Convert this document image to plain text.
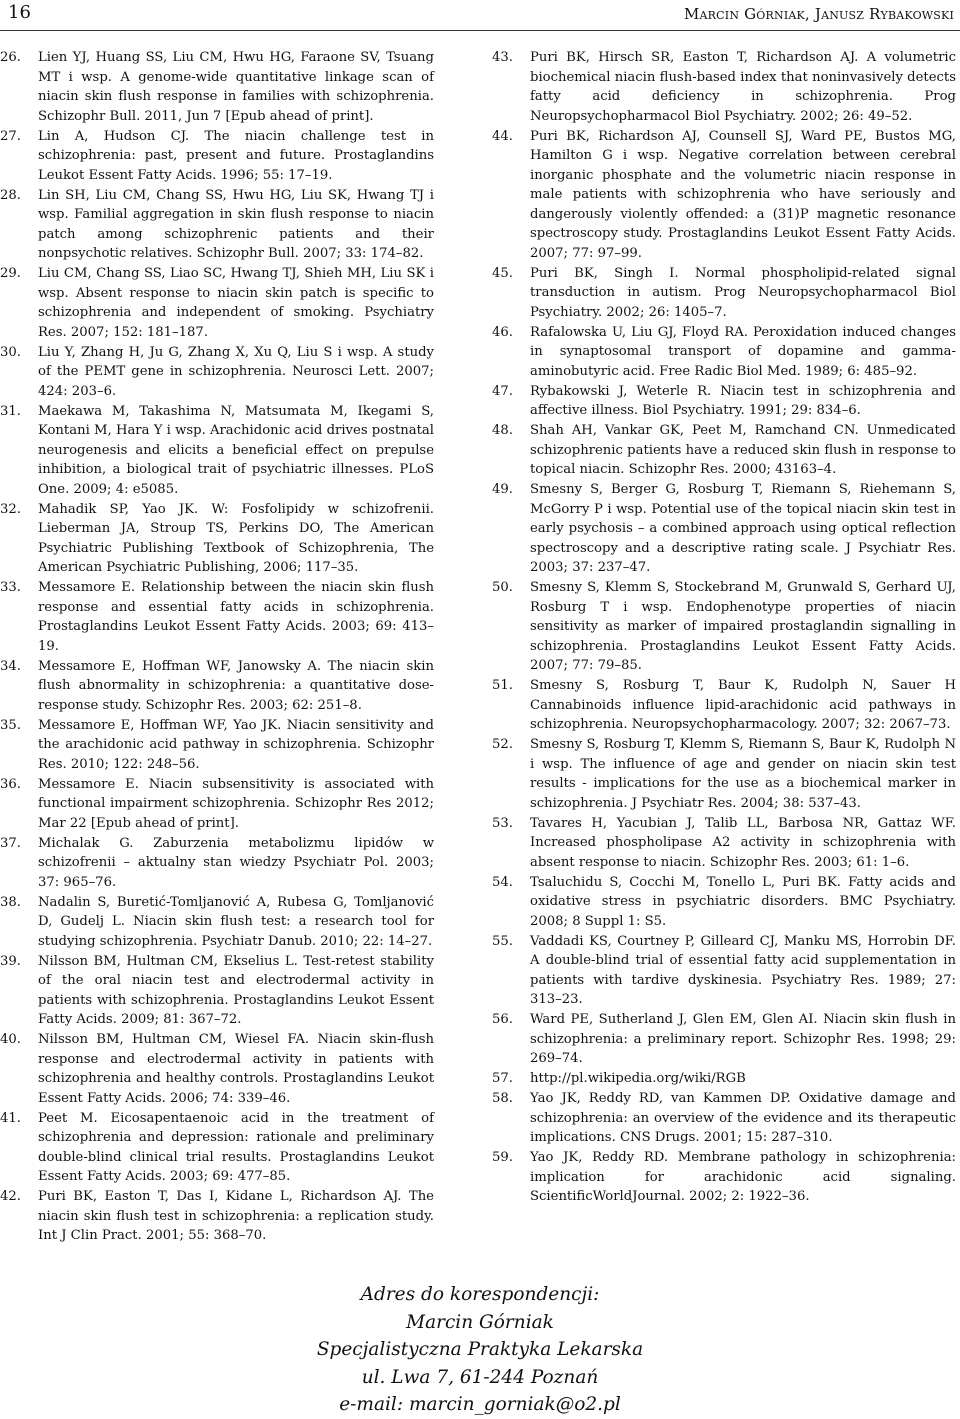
16	Marcin Górniak, Janusz Rybakowski
26.	Lien YJ, Huang SS, Liu CM, Hwu HG, Faraone SV, Tsuang MT i wsp. A genome-wide quantitative linkage scan of niacin skin flush response in families with schizophrenia. Schizophr Bull. 2011, Jun 7 [Epub ahead of print].
27.	Lin A, Hudson CJ. The niacin challenge test in schizophrenia: past, present and future. Prostaglandins Leukot Essent Fatty Acids. 1996; 55: 17–19.
28.	Lin SH, Liu CM, Chang SS, Hwu HG, Liu SK, Hwang TJ i wsp. Familial aggregation in skin flush response to niacin patch among schizophrenic patients and their nonpsychotic relatives. Schizophr Bull. 2007; 33: 174–82.
29.	Liu CM, Chang SS, Liao SC, Hwang TJ, Shieh MH, Liu SK i wsp. Absent response to niacin skin patch is specific to schizophrenia and independent of smoking. Psychiatry Res. 2007; 152: 181–187.
30.	Liu Y, Zhang H, Ju G, Zhang X, Xu Q, Liu S i wsp. A study of the PEMT gene in schizophrenia. Neurosci Lett. 2007; 424: 203–6.
31.	Maekawa M, Takashima N, Matsumata M, Ikegami S, Kontani M, Hara Y i wsp. Arachidonic acid drives postnatal neurogenesis and elicits a beneficial effect on prepulse inhibition, a biological trait of psychiatric illnesses. PLoS One. 2009; 4: e5085.
32.	Mahadik SP, Yao JK. W: Fosfolipidy w schizofrenii. Lieberman JA, Stroup TS, Perkins DO, The American Psychiatric Publishing Textbook of Schizophrenia, The American Psychiatric Publishing, 2006; 117–35.
33.	Messamore E. Relationship between the niacin skin flush response and essential fatty acids in schizophrenia. Prostaglandins Leukot Essent Fatty Acids. 2003; 69: 413–19.
34.	Messamore E, Hoffman WF, Janowsky A. The niacin skin flush abnormality in schizophrenia: a quantitative dose-response study. Schizophr Res. 2003; 62: 251–8.
35.	Messamore E, Hoffman WF, Yao JK. Niacin sensitivity and the arachidonic acid pathway in schizophrenia. Schizophr Res. 2010; 122: 248–56.
36.	Messamore E. Niacin subsensitivity is associated with functional impairment schizophrenia. Schizophr Res 2012; Mar 22 [Epub ahead of print].
37.	Michalak G. Zaburzenia metabolizmu lipidów w schizofrenii – aktualny stan wiedzy Psychiatr Pol. 2003; 37: 965–76.
38.	Nadalin S, Buretić-Tomljanović A, Rubesa G, Tomljanović D, Gudelj L. Niacin skin flush test: a research tool for studying schizophrenia. Psychiatr Danub. 2010; 22: 14–27.
39.	Nilsson BM, Hultman CM, Ekselius L. Test-retest stability of the oral niacin test and electrodermal activity in patients with schizophrenia. Prostaglandins Leukot Essent Fatty Acids. 2009; 81: 367–72.
40.	Nilsson BM, Hultman CM, Wiesel FA. Niacin skin-flush response and electrodermal activity in patients with schizophrenia and healthy controls. Prostaglandins Leukot Essent Fatty Acids. 2006; 74: 339–46.
41.	Peet M. Eicosapentaenoic acid in the treatment of schizophrenia and depression: rationale and preliminary double-blind clinical trial results. Prostaglandins Leukot Essent Fatty Acids. 2003; 69: 477–85.
42.	Puri BK, Easton T, Das I, Kidane L, Richardson AJ. The niacin skin flush test in schizophrenia: a replication study. Int J Clin Pract. 2001; 55: 368–70.
43.	Puri BK, Hirsch SR, Easton T, Richardson AJ. A volumetric biochemical niacin flush-based index that noninvasively detects fatty acid deficiency in schizophrenia. Prog Neuropsychopharmacol Biol Psychiatry. 2002; 26: 49–52.
44.	Puri BK, Richardson AJ, Counsell SJ, Ward PE, Bustos MG, Hamilton G i wsp. Negative correlation between cerebral inorganic phosphate and the volumetric niacin response in male patients with schizophrenia who have seriously and dangerously violently offended: a (31)P magnetic resonance spectroscopy study. Prostaglandins Leukot Essent Fatty Acids. 2007; 77: 97–99.
45.	Puri BK, Singh I. Normal phospholipid-related signal transduction in autism. Prog Neuropsychopharmacol Biol Psychiatry. 2002; 26: 1405–7.
46.	Rafalowska U, Liu GJ, Floyd RA. Peroxidation induced changes in synaptosomal transport of dopamine and gamma-aminobutyric acid. Free Radic Biol Med. 1989; 6: 485–92.
47.	Rybakowski J, Weterle R. Niacin test in schizophrenia and affective illness. Biol Psychiatry. 1991; 29: 834–6.
48.	Shah AH, Vankar GK, Peet M, Ramchand CN. Unmedicated schizophrenic patients have a reduced skin flush in response to topical niacin. Schizophr Res. 2000; 43163–4.
49.	Smesny S, Berger G, Rosburg T, Riemann S, Riehemann S, McGorry P i wsp. Potential use of the topical niacin skin test in early psychosis – a combined approach using optical reflection spectroscopy and a descriptive rating scale. J Psychiatr Res. 2003; 37: 237–47.
50.	Smesny S, Klemm S, Stockebrand M, Grunwald S, Gerhard UJ, Rosburg T i wsp. Endophenotype properties of niacin sensitivity as marker of impaired prostaglandin signalling in schizophrenia. Prostaglandins Leukot Essent Fatty Acids. 2007; 77: 79–85.
51.	Smesny S, Rosburg T, Baur K, Rudolph N, Sauer H Cannabinoids influence lipid-arachidonic acid pathways in schizophrenia. Neuropsychopharmacology. 2007; 32: 2067–73.
52.	Smesny S, Rosburg T, Klemm S, Riemann S, Baur K, Rudolph N i wsp. The influence of age and gender on niacin skin test results - implications for the use as a biochemical marker in schizophrenia. J Psychiatr Res. 2004; 38: 537–43.
53.	Tavares H, Yacubian J, Talib LL, Barbosa NR, Gattaz WF. Increased phospholipase A2 activity in schizophrenia with absent response to niacin. Schizophr Res. 2003; 61: 1–6.
54.	Tsaluchidu S, Cocchi M, Tonello L, Puri BK. Fatty acids and oxidative stress in psychiatric disorders. BMC Psychiatry. 2008; 8 Suppl 1: S5.
55.	Vaddadi KS, Courtney P, Gilleard CJ, Manku MS, Horrobin DF. A double-blind trial of essential fatty acid supplementation in patients with tardive dyskinesia. Psychiatry Res. 1989; 27: 313–23.
56.	Ward PE, Sutherland J, Glen EM, Glen AI. Niacin skin flush in schizophrenia: a preliminary report. Schizophr Res. 1998; 29: 269–74.
57.	http://pl.wikipedia.org/wiki/RGB
58.	Yao JK, Reddy RD, van Kammen DP. Oxidative damage and schizophrenia: an overview of the evidence and its therapeutic implications. CNS Drugs. 2001; 15: 287–310.
59.	Yao JK, Reddy RD. Membrane pathology in schizophrenia: implication for arachidonic acid signaling. ScientificWorldJournal. 2002; 2: 1922–36.
Adres do korespondencji:
Marcin Górniak
Specjalistyczna Praktyka Lekarska
ul. Lwa 7, 61-244 Poznań
e-mail: marcin_gorniak@o2.pl
